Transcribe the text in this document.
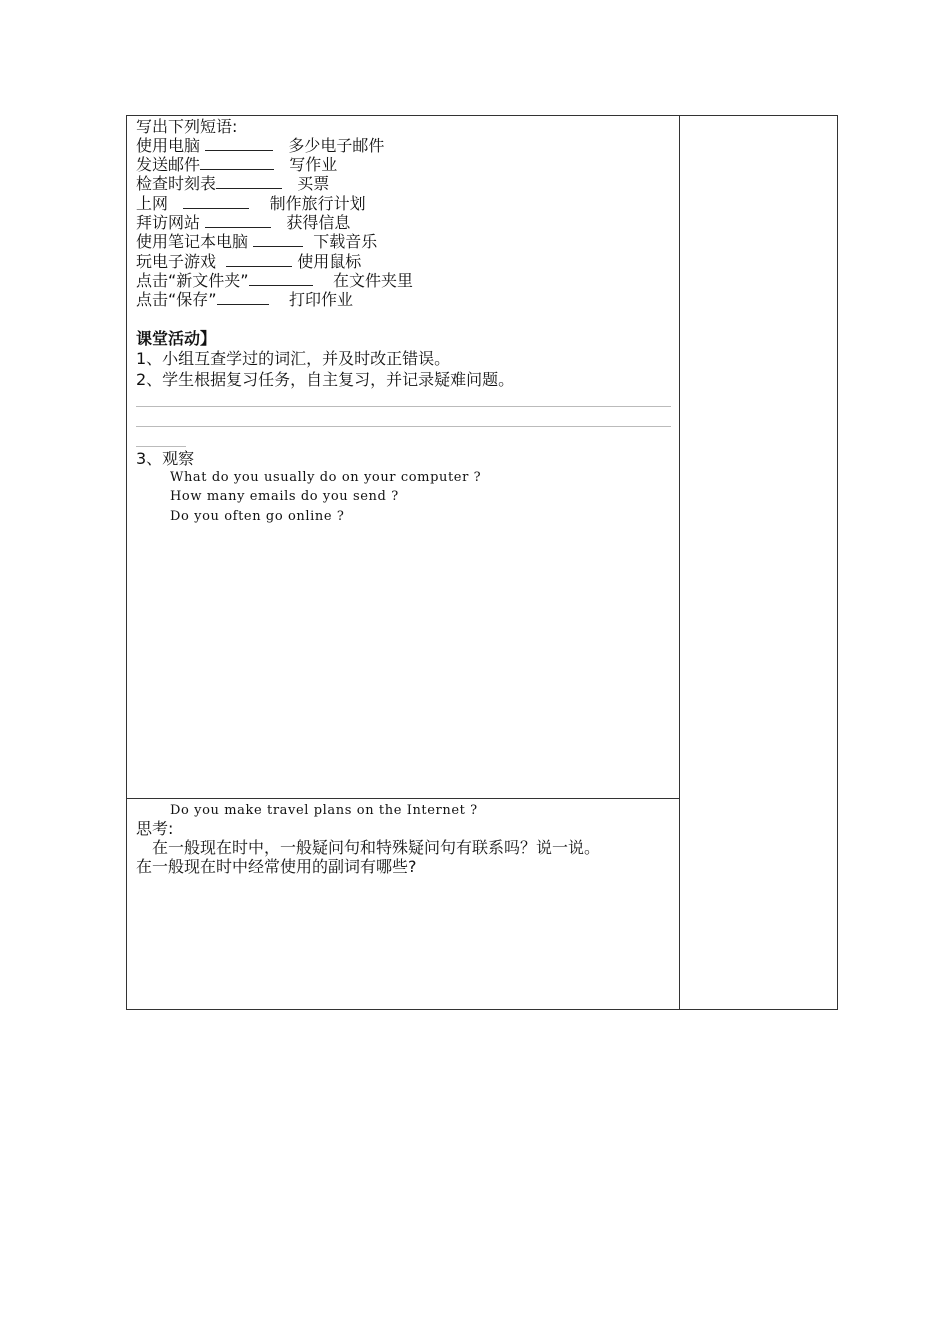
写出下列短语:
使用电脑	多少电子邮件
发送邮件	写作业
检查时刻表	买票
上网	制作旅行计划
拜访网站	获得信息
使用笔记本电脑	下载音乐
玩电子游戏	使用鼠标
点击“新文件夹”	在文件夹里
点击“保存”	打印作业
课堂活动】
1、小组互查学过的词汇，并及时改正错误。
2、学生根据复习任务，自主复习，并记录疑难问题。
3、观察
What do you usually do on your computer ?
How many emails do you send ?
Do you often go online ?
Do you make travel plans on the Internet ?
思考:
在一般现在时中，一般疑问句和特殊疑问句有联系吗？说一说。
在一般现在时中经常使用的副词有哪些?
